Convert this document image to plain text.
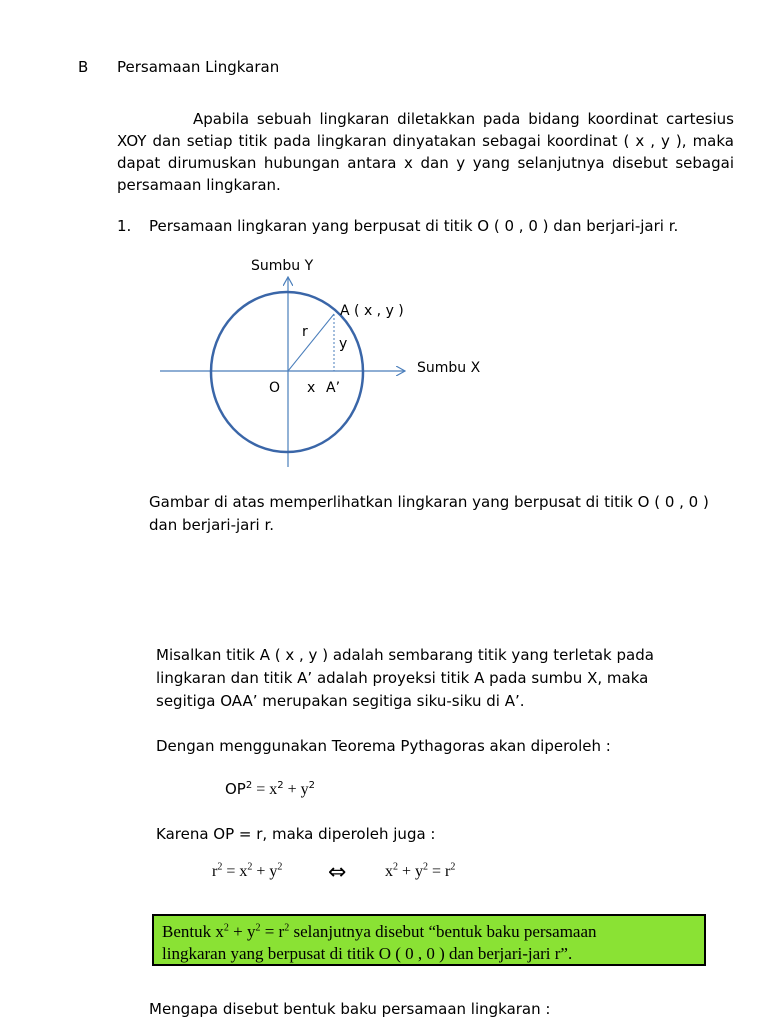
B Persamaan Lingkaran
Apabila sebuah lingkaran diletakkan pada bidang koordinat cartesius
XOY dan setiap titik pada lingkaran dinyatakan sebagai koordinat ( x , y ), maka
dapat dirumuskan hubungan antara x dan y yang selanjutnya disebut sebagai
persamaan lingkaran.
1. Persamaan lingkaran yang berpusat di titik O ( 0 , 0 ) dan berjari-jari r.
Sumbu Y
Sumbu X
A ( x , y )
r
y
O x A’
Gambar di atas memperlihatkan lingkaran yang berpusat di titik O ( 0 , 0 )
dan berjari-jari r.
Misalkan titik A ( x , y ) adalah sembarang titik yang terletak pada
lingkaran dan titik A’ adalah proyeksi titik A pada sumbu X, maka
segitiga OAA’ merupakan segitiga siku-siku di A’.
Dengan menggunakan Teorema Pythagoras akan diperoleh :
$OP^2 = x^2 + y^2$
Karena OP = r, maka diperoleh juga :
$r^2 = x^2 + y^2$ ⇔ $x^2 + y^2 = r^2$
Bentuk $x^2 + y^2 = r^2$ selanjutnya disebut “bentuk baku persamaan
lingkaran yang berpusat di titik O ( 0 , 0 ) dan berjari-jari r”.
Mengapa disebut bentuk baku persamaan lingkaran :
